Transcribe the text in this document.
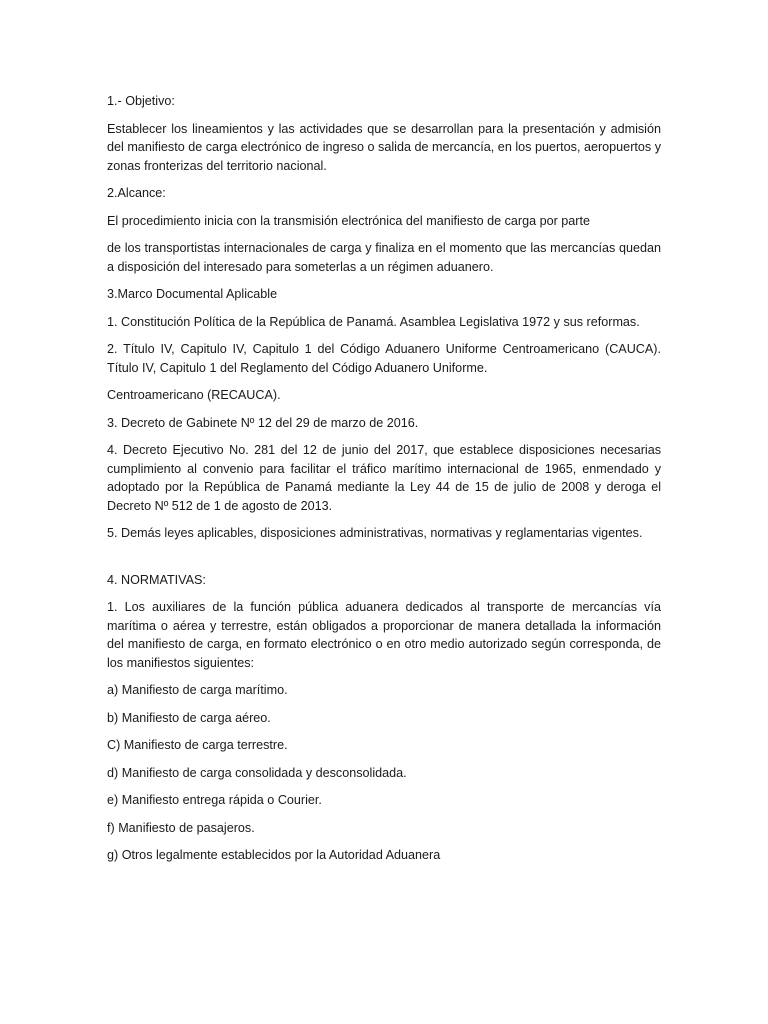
1.- Objetivo:

Establecer los lineamientos y las actividades que se desarrollan para la presentación y admisión del manifiesto de carga electrónico de ingreso o salida de mercancía, en los puertos, aeropuertos y zonas fronterizas del territorio nacional.

2.Alcance:

El procedimiento inicia con la transmisión electrónica del manifiesto de carga por parte

de los transportistas internacionales de carga y finaliza en el momento que las mercancías quedan a disposición del interesado para someterlas a un régimen aduanero.

3.Marco Documental Aplicable

1. Constitución Política de la República de Panamá. Asamblea Legislativa 1972 y sus reformas.

2. Título IV, Capitulo IV, Capitulo 1 del Código Aduanero Uniforme Centroamericano (CAUCA). Título IV, Capitulo 1 del Reglamento del Código Aduanero Uniforme.

Centroamericano (RECAUCA).

3. Decreto de Gabinete Nº 12 del 29 de marzo de 2016.

4. Decreto Ejecutivo No. 281 del 12 de junio del 2017, que establece disposiciones necesarias cumplimiento al convenio para facilitar el tráfico marítimo internacional de 1965, enmendado y adoptado por la República de Panamá mediante la Ley 44 de 15 de julio de 2008 y deroga el Decreto Nº 512 de 1 de agosto de 2013.

5. Demás leyes aplicables, disposiciones administrativas, normativas y reglamentarias vigentes.

4. NORMATIVAS:

1. Los auxiliares de la función pública aduanera dedicados al transporte de mercancías vía marítima o aérea y terrestre, están obligados a proporcionar de manera detallada la información del manifiesto de carga, en formato electrónico o en otro medio autorizado según corresponda, de los manifiestos siguientes:

a) Manifiesto de carga marítimo.

b) Manifiesto de carga aéreo.

C) Manifiesto de carga terrestre.

d) Manifiesto de carga consolidada y desconsolidada.

e) Manifiesto entrega rápida o Courier.

f) Manifiesto de pasajeros.

g) Otros legalmente establecidos por la Autoridad Aduanera
